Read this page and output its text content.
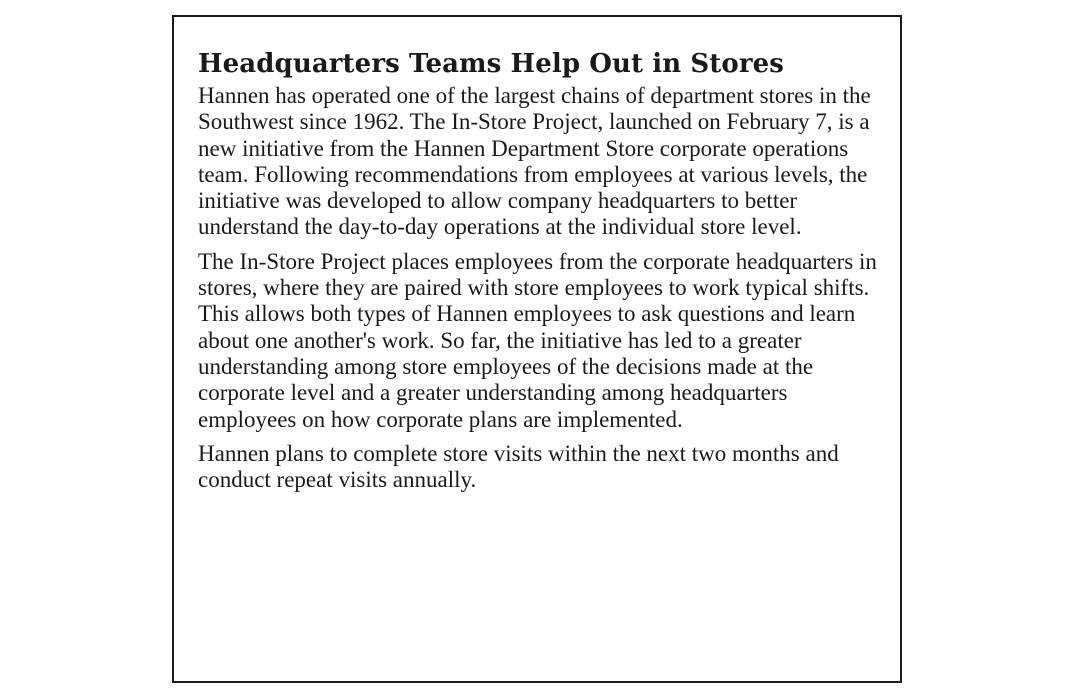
Headquarters Teams Help Out in Stores

Hannen has operated one of the largest chains of department stores in the Southwest since 1962. The In-Store Project, launched on February 7, is a new initiative from the Hannen Department Store corporate operations team. Following recommendations from employees at various levels, the initiative was developed to allow company headquarters to better understand the day-to-day operations at the individual store level.

The In-Store Project places employees from the corporate headquarters in stores, where they are paired with store employees to work typical shifts. This allows both types of Hannen employees to ask questions and learn about one another's work. So far, the initiative has led to a greater understanding among store employees of the decisions made at the corporate level and a greater understanding among headquarters employees on how corporate plans are implemented.

Hannen plans to complete store visits within the next two months and conduct repeat visits annually.
